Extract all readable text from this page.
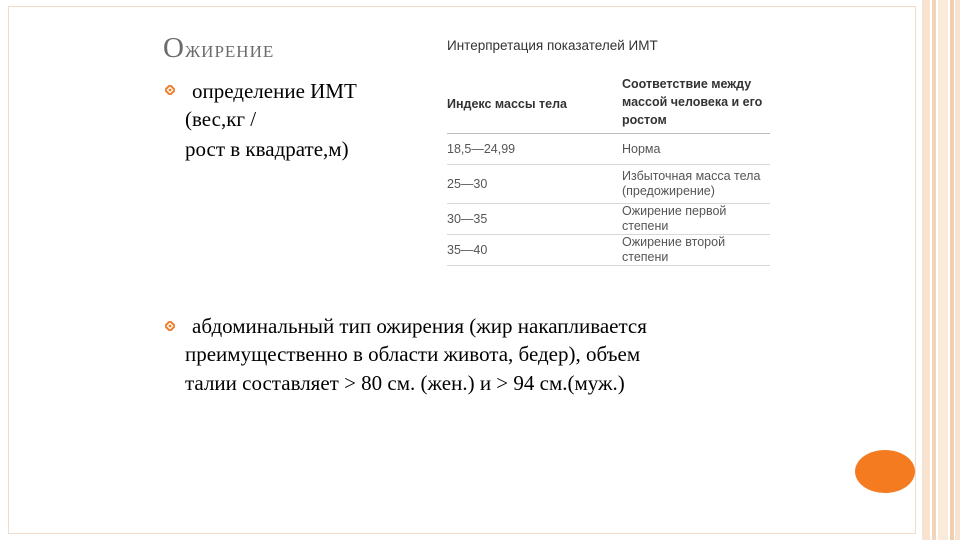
Ожирение
определение ИМТ
(вес,кг /
рост в квадрате,м)
абдоминальный тип ожирения (жир накапливается
преимущественно в области живота, бедер), объем
талии составляет > 80 см. (жен.) и > 94 см.(муж.)
Интерпретация показателей ИМТ
Индекс массы тела
Соответствие между массой человека и его ростом
18,5—24,99	Норма
25—30
Избыточная масса тела (предожирение)
30—35
Ожирение первой степени
35—40
Ожирение второй степени
